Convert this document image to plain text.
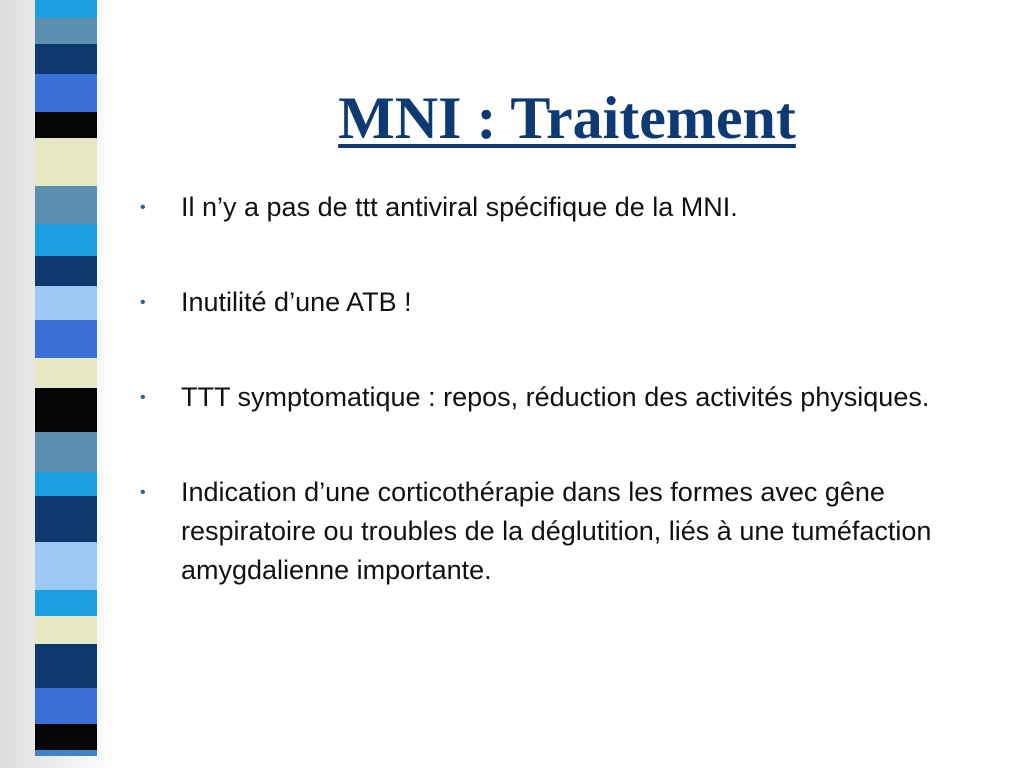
MNI : Traitement
•	Il n’y a pas de ttt antiviral spécifique de la MNI.
•	Inutilité d’une ATB !
•	TTT symptomatique : repos, réduction des activités physiques.
•	Indication d’une corticothérapie dans les formes avec gêne respiratoire ou troubles de la déglutition, liés à une tuméfaction amygdalienne importante.
